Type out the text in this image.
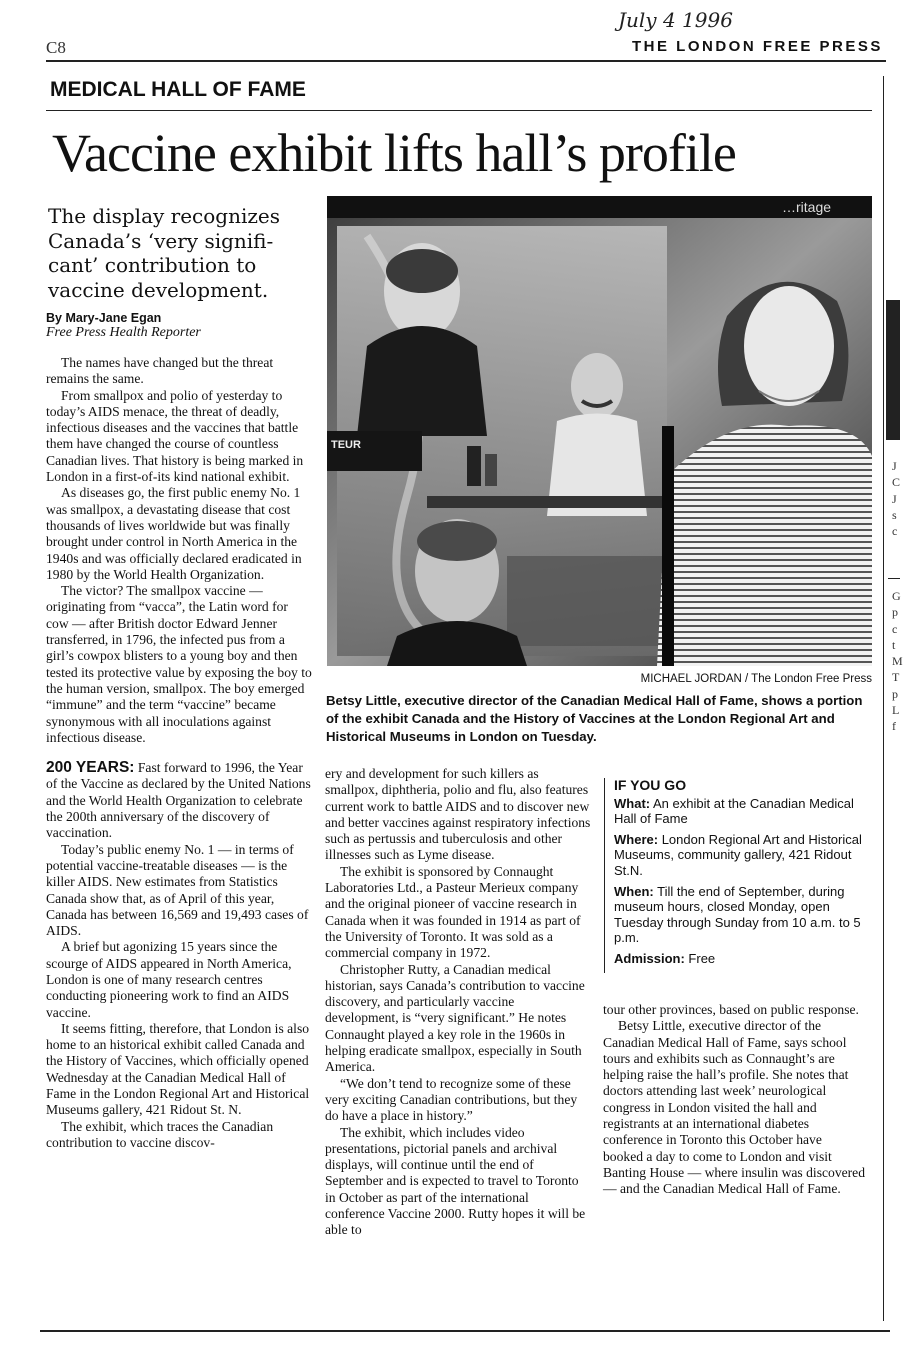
July 4 1996
C8	THE LONDON FREE PRESS
MEDICAL HALL OF FAME
Vaccine exhibit lifts hall’s profile
The display recognizes
Canada’s ‘very signifi-
cant’ contribution to
vaccine development.
By Mary-Jane Egan
Free Press Health Reporter

The names have changed but the threat remains the same.

From smallpox and polio of yesterday to today’s AIDS menace, the threat of deadly, infectious diseases and the vaccines that battle them have changed the course of countless Canadian lives. That history is being marked in London in a first-of-its kind national exhibit.

As diseases go, the first public enemy No. 1 was smallpox, a devastating disease that cost thousands of lives worldwide but was finally brought under control in North America in the 1940s and was officially declared eradicated in 1980 by the World Health Organization.

The victor? The smallpox vaccine — originating from “vacca”, the Latin word for cow — after British doctor Edward Jenner transferred, in 1796, the infected pus from a girl’s cowpox blisters to a young boy and then tested its protective value by exposing the boy to the human version, smallpox. The boy emerged “immune” and the term “vaccine” became synonymous with all inoculations against infectious disease.

200 YEARS: Fast forward to 1996, the Year of the Vaccine as declared by the United Nations and the World Health Organization to celebrate the 200th anniversary of the discovery of vaccination.

Today’s public enemy No. 1 — in terms of potential vaccine-treatable diseases — is the killer AIDS. New estimates from Statistics Canada show that, as of April of this year, Canada has between 16,569 and 19,493 cases of AIDS.

A brief but agonizing 15 years since the scourge of AIDS appeared in North America, London is one of many research centres conducting pioneering work to find an AIDS vaccine.

It seems fitting, therefore, that London is also home to an historical exhibit called Canada and the History of Vaccines, which officially opened Wednesday at the Canadian Medical Hall of Fame in the London Regional Art and Historical Museums gallery, 421 Ridout St. N.

The exhibit, which traces the Canadian contribution to vaccine discov-

…ritage
TEUR
MICHAEL JORDAN / The London Free Press
Betsy Little, executive director of the Canadian Medical Hall of Fame, shows a portion of the exhibit Canada and the History of Vaccines at the London Regional Art and Historical Museums in London on Tuesday.

ery and development for such killers as smallpox, diphtheria, polio and flu, also features current work to battle AIDS and to discover new and better vaccines against respiratory infections such as pertussis and tuberculosis and other illnesses such as Lyme disease.

The exhibit is sponsored by Connaught Laboratories Ltd., a Pasteur Merieux company and the original pioneer of vaccine research in Canada when it was founded in 1914 as part of the University of Toronto. It was sold as a commercial company in 1972.

Christopher Rutty, a Canadian medical historian, says Canada’s contribution to vaccine discovery, and particularly vaccine development, is “very significant.” He notes Connaught played a key role in the 1960s in helping eradicate smallpox, especially in South America.

“We don’t tend to recognize some of these very exciting Canadian contributions, but they do have a place in history.”

The exhibit, which includes video presentations, pictorial panels and archival displays, will continue until the end of September and is expected to travel to Toronto in October as part of the international conference Vaccine 2000. Rutty hopes it will be able to

IF YOU GO

What: An exhibit at the Canadian Medical Hall of Fame

Where: London Regional Art and Historical Museums, community gallery, 421 Ridout St.N.

When: Till the end of September, during museum hours, closed Monday, open Tuesday through Sunday from 10 a.m. to 5 p.m.

Admission: Free

tour other provinces, based on public response.

Betsy Little, executive director of the Canadian Medical Hall of Fame, says school tours and exhibits such as Connaught’s are helping raise the hall’s profile. She notes that doctors attending last week’ neurological congress in London visited the hall and registrants at an international diabetes conference in Toronto this October have booked a day to come to London and visit Banting House — where insulin was discovered — and the Canadian Medical Hall of Fame.

J
C
J
s
c
G
p
c
t
M
T
p
L
f
